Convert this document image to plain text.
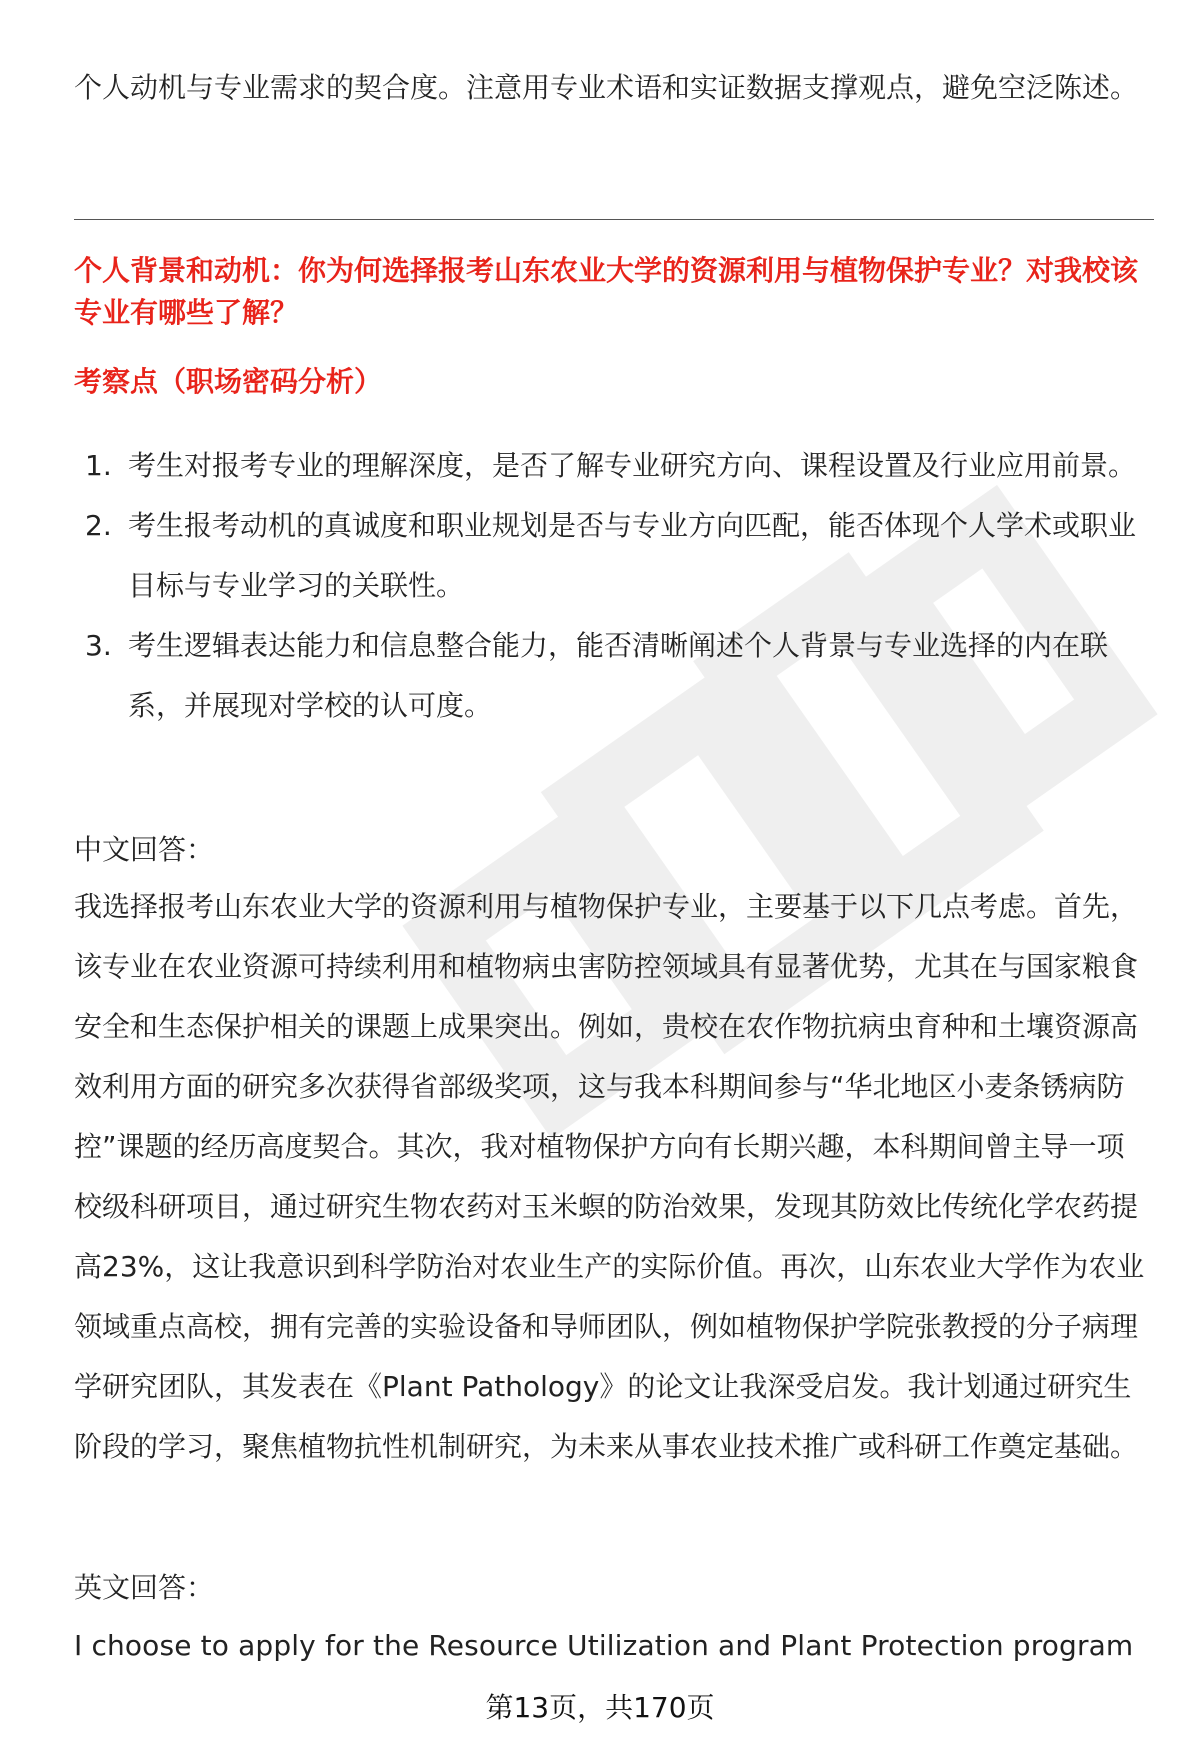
个人动机与专业需求的契合度。注意用专业术语和实证数据支撑观点，避免空泛陈述。

个人背景和动机：你为何选择报考山东农业大学的资源利用与植物保护专业？对我校该专业有哪些了解？

考察点（职场密码分析）

1. 考生对报考专业的理解深度，是否了解专业研究方向、课程设置及行业应用前景。
2. 考生报考动机的真诚度和职业规划是否与专业方向匹配，能否体现个人学术或职业目标与专业学习的关联性。
3. 考生逻辑表达能力和信息整合能力，能否清晰阐述个人背景与专业选择的内在联系，并展现对学校的认可度。

中文回答：

我选择报考山东农业大学的资源利用与植物保护专业，主要基于以下几点考虑。首先，该专业在农业资源可持续利用和植物病虫害防控领域具有显著优势，尤其在与国家粮食安全和生态保护相关的课题上成果突出。例如，贵校在农作物抗病虫育种和土壤资源高效利用方面的研究多次获得省部级奖项，这与我本科期间参与“华北地区小麦条锈病防控”课题的经历高度契合。其次，我对植物保护方向有长期兴趣，本科期间曾主导一项校级科研项目，通过研究生物农药对玉米螟的防治效果，发现其防效比传统化学农药提高23%，这让我意识到科学防治对农业生产的实际价值。再次，山东农业大学作为农业领域重点高校，拥有完善的实验设备和导师团队，例如植物保护学院张教授的分子病理学研究团队，其发表在《Plant Pathology》的论文让我深受启发。我计划通过研究生阶段的学习，聚焦植物抗性机制研究，为未来从事农业技术推广或科研工作奠定基础。

英文回答：

I choose to apply for the Resource Utilization and Plant Protection program

第13页，共170页
